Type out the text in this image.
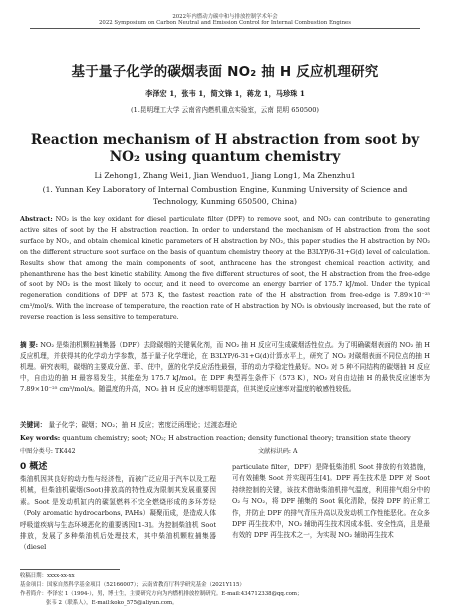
2022年内燃动力碳中和与排放控制学术年会
2022 Symposium on Carbon Neutral and Emission Control for Internal Combustion Engines
基于量子化学的碳烟表面 NO₂ 抽 H 反应机理研究
李泽宏 1，张韦 1，简文锋 1，蒋龙 1，马珍珠 1
(1.昆明理工大学 云南省内燃机重点实验室，云南 昆明 650500)
Reaction mechanism of H abstraction from soot by NO₂ using quantum chemistry
Li Zehong1, Zhang Wei1, Jian Wenduo1, Jiang Long1, Ma Zhenzhu1
(1. Yunnan Key Laboratory of Internal Combustion Engine, Kunming University of Science and Technology, Kunming 650500, China)
Abstract: NO₂ is the key oxidant for diesel particulate filter (DPF) to remove soot, and NO₂ can contribute to generating active sites of soot by the H abstraction reaction. In order to understand the mechanism of H abstraction from the soot surface by NO₂, and obtain chemical kinetic parameters of H abstraction by NO₂, this paper studies the H abstraction by NO₂ on the different structure soot surface on the basis of quantum chemistry theory at the B3LYP/6-31+G(d) level of calculation. Results show that among the main components of soot, anthracene has the strongest chemical reaction activity, and phenanthrene has the best kinetic stability. Among the five different structures of soot, the H abstraction from the free-edge of soot by NO₂ is the most likely to occur, and it need to overcome an energy barrier of 175.7 kJ/mol. Under the typical regeneration conditions of DPF at 573 K, the fastest reaction rate of the H abstraction from free-edge is 7.89×10⁻²⁵ cm³/mol/s. With the increase of temperature, the reaction rate of H abstraction by NO₂ is obviously increased, but the rate of reverse reaction is less sensitive to temperature.
摘 要: NO₂ 是柴油机颗粒捕集器（DPF）去除碳烟的关键氧化剂，而 NO₂ 抽 H 反应可生成碳烟活性位点。为了明确碳烟表面的 NO₂ 抽 H 反应机理，并获得其的化学动力学参数，基于量子化学理论，在 B3LYP/6-31+G(d)计算水平上，研究了 NO₂ 对碳烟表面不同位点的抽 H 机理。研究表明，碳烟的主要成分蒽、菲、芘中，蒽的化学反应活性最强，菲的动力学稳定性最好。NO₂ 对 5 种不同结构的碳烟抽 H 反应中，自由边的抽 H 最容易发生，其能垒为 175.7 kJ/mol。在 DPF 典型再生条件下（573 K），NO₂ 对自由边抽 H 的最快反应速率为 7.89×10⁻²⁵ cm³/mol/s。随温度的升高，NO₂ 抽 H 反应的速率明显提高，但其逆反应速率对温度的敏感性较低。
关键词： 量子化学；碳烟；NO₂；抽 H 反应；密度泛函理论；过渡态理论
Key words: quantum chemistry; soot; NO₂; H abstraction reaction; density functional theory; transition state theory
中图分类号: TK442	文献标识码: A
0 概述
柴油机因其良好的动力性与经济性，而被广泛应用于汽车以及工程机械，但柴油机碳烟(Soot)排放高的特性成为限制其发展重要因素。Soot 是发动机缸内的碳氢燃料不完全燃烧形成的多环芳烃（Poly aromatic hydrocarbons, PAHs）凝聚而成，是造成人体呼吸道疾病与生态环境恶化的重要诱因[1-3]。为控制柴油机 Soot 排放，发展了多种柴油机后处理技术，其中柴油机颗粒捕集器（diesel
particulate filter，DPF）是降低柴油机 Soot 排放的有效措施，可有效捕集 Soot 并实现再生[4]。DPF 再生技术是 DPF 对 Soot 持续控制的关键，该技术借助柴油机排气温度，利用排气组分中的 O₂ 与 NO₂，将 DPF 捕集的 Soot 氧化清除，保持 DPF 的正常工作，并防止 DPF 的排气背压升高以及发动机工作性能恶化。在众多 DPF 再生技术中，NO₂ 辅助再生技术因成本低、安全性高，且是最有效的 DPF 再生技术之一，为实现 NO₂ 辅助再生技术
收稿日期：xxxx-xx-xx
基金项目：国家自然科学基金项目（52166007）；云南省教育厅科学研究基金（2021Y115）
作者简介：李泽宏 1（1994-），男，博士生，主要研究方向为内燃机排放控制研究。E-mail:434712338@qq.com；
张韦 2（联系人），E-mail:koko_575@aliyun.com。
